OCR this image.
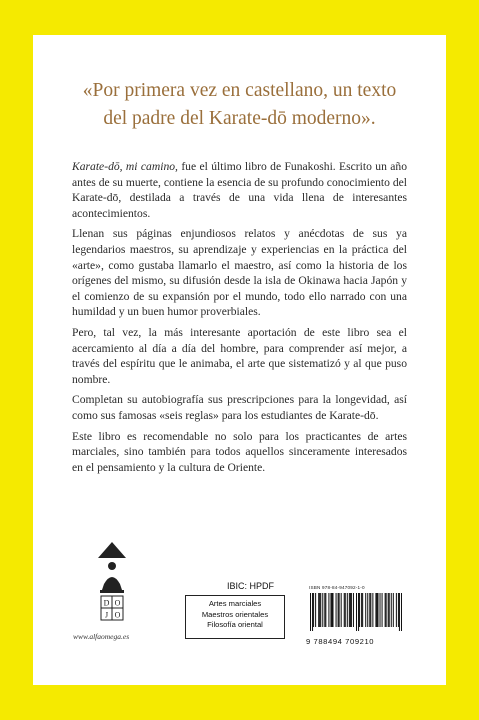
«Por primera vez en castellano, un texto
del padre del Karate-dō moderno».

Karate-dō, mi camino, fue el último libro de Funakoshi. Escrito un año antes de su muerte, contiene la esencia de su profundo conocimiento del Karate-dō, destilada a través de una vida llena de interesantes acontecimientos.

Llenan sus páginas enjundiosos relatos y anécdotas de sus ya legendarios maestros, su aprendizaje y experiencias en la práctica del «arte», como gustaba llamarlo el maestro, así como la historia de los orígenes del mismo, su difusión desde la isla de Okinawa hacia Japón y el comienzo de su expansión por el mundo, todo ello narrado con una humildad y un buen humor proverbiales.

Pero, tal vez, la más interesante aportación de este libro sea el acercamiento al día a día del hombre, para comprender así mejor, a través del espíritu que le animaba, el arte que sistematizó y al que puso nombre.

Completan su autobiografía sus prescripciones para la longevidad, así como sus famosas «seis reglas» para los estudiantes de Karate-dō.

Este libro es recomendable no solo para los practicantes de artes marciales, sino también para todos aquellos sinceramente interesados en el pensamiento y la cultura de Oriente.

D O
J O
www.alfaomega.es
IBIC: HPDF
Artes marciales
Maestros orientales
Filosofía oriental
ISBN 978-84-947092-1-0
9 788494 709210
